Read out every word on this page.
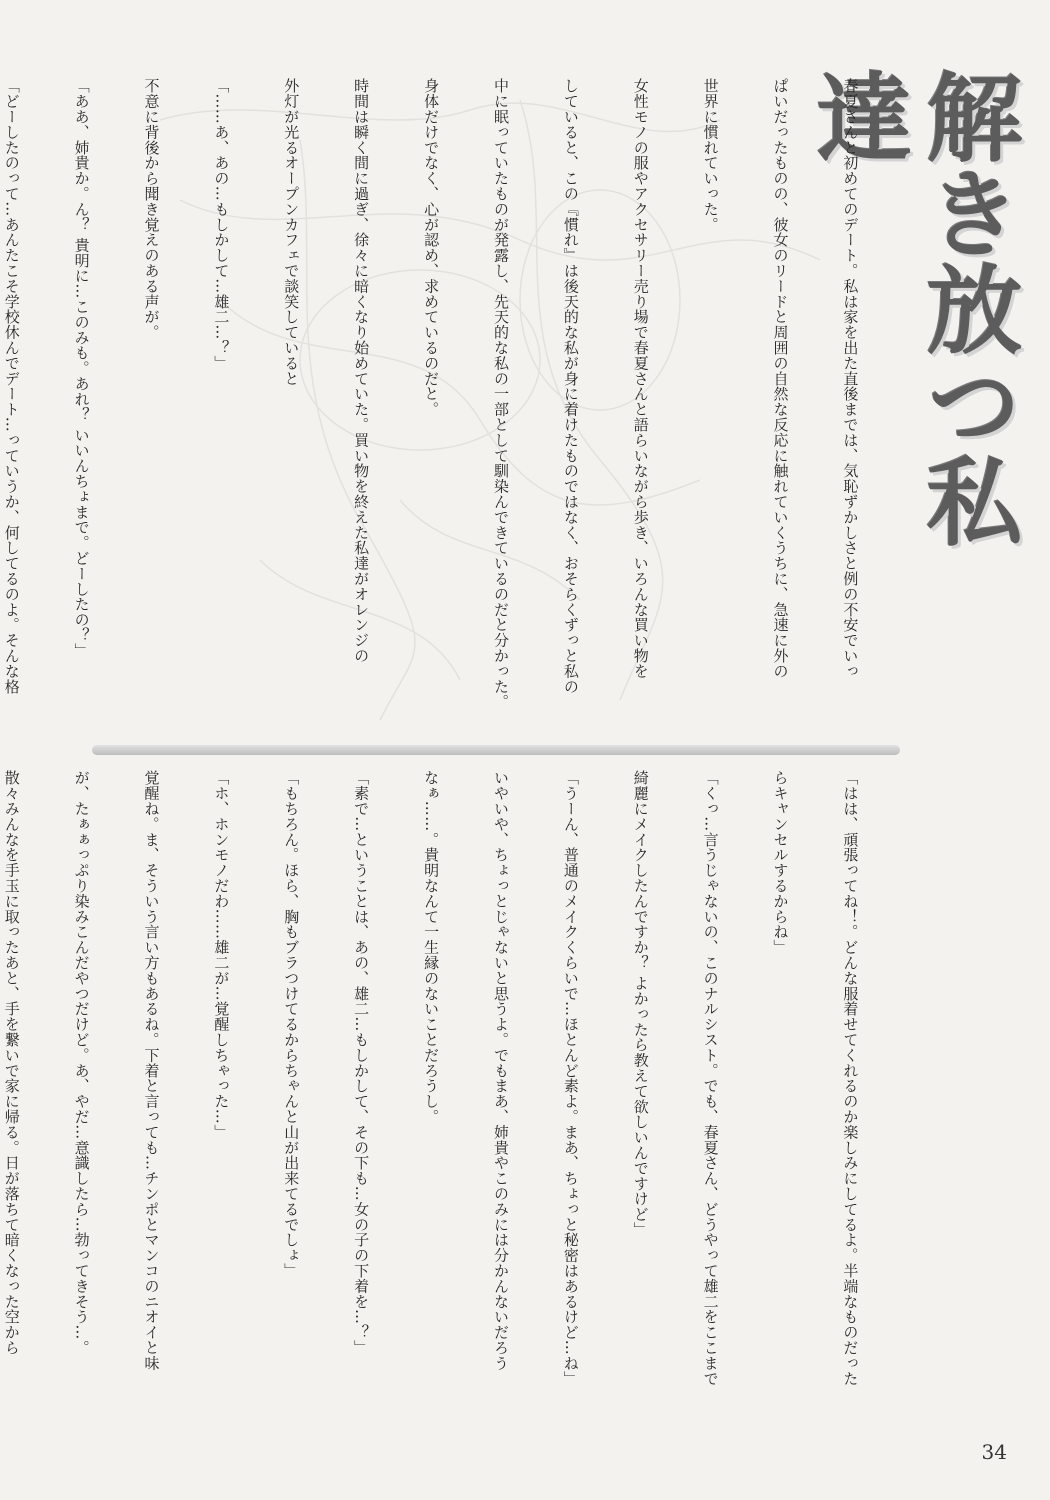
解き放つ私達

春夏さんと初めてのデート。私は家を出た直後までは、気恥ずかしさと例の不安でいっ

ぱいだったものの、彼女のリードと周囲の自然な反応に触れていくうちに、急速に外の

世界に慣れていった。

女性モノの服やアクセサリー売り場で春夏さんと語らいながら歩き、いろんな買い物を

していると、この『慣れ』は後天的な私が身に着けたものではなく、おそらくずっと私の

中に眠っていたものが発露し、先天的な私の一部として馴染んできているのだと分かった。

身体だけでなく、心が認め、求めているのだと。

時間は瞬く間に過ぎ、徐々に暗くなり始めていた。買い物を終えた私達がオレンジの

外灯が光るオープンカフェで談笑していると

「……あ、あの…もしかして…雄二…？」

不意に背後から聞き覚えのある声が。

「ああ、姉貴か。ん？ 貴明に…このみも。あれ？ いいんちょまで。どーしたの？」

「どーしたのって…あんたこそ学校休んでデート…っていうか、何してるのよ。そんな格

「はは、頑張ってね！。どんな服着せてくれるのか楽しみにしてるよ。半端なものだった

らキャンセルするからね」

「くっ…言うじゃないの、このナルシスト。でも、春夏さん、どうやって雄二をここまで

綺麗にメイクしたんですか？ よかったら教えて欲しいんですけど」

「うーん、普通のメイクくらいで…ほとんど素よ。まあ、ちょっと秘密はあるけど…ね」

いやいや、ちょっとじゃないと思うよ。でもまあ、姉貴やこのみには分かんないだろう

なぁ……。貴明なんて一生縁のないことだろうし。

「素で…ということは、あの、雄二…もしかして、その下も…女の子の下着を…？」

「もちろん。ほら、胸もブラつけてるからちゃんと山が出来てるでしょ」

「ホ、ホンモノだわ……雄二が…覚醒しちゃった…」

覚醒ね。ま、そういう言い方もあるね。下着と言っても…チンポとマンコのニオイと味

が、たぁぁっぷり染みこんだやつだけど。あ、やだ…意識したら…勃ってきそう…。

散々みんなを手玉に取ったあと、手を繋いで家に帰る。日が落ちて暗くなった空から

34
